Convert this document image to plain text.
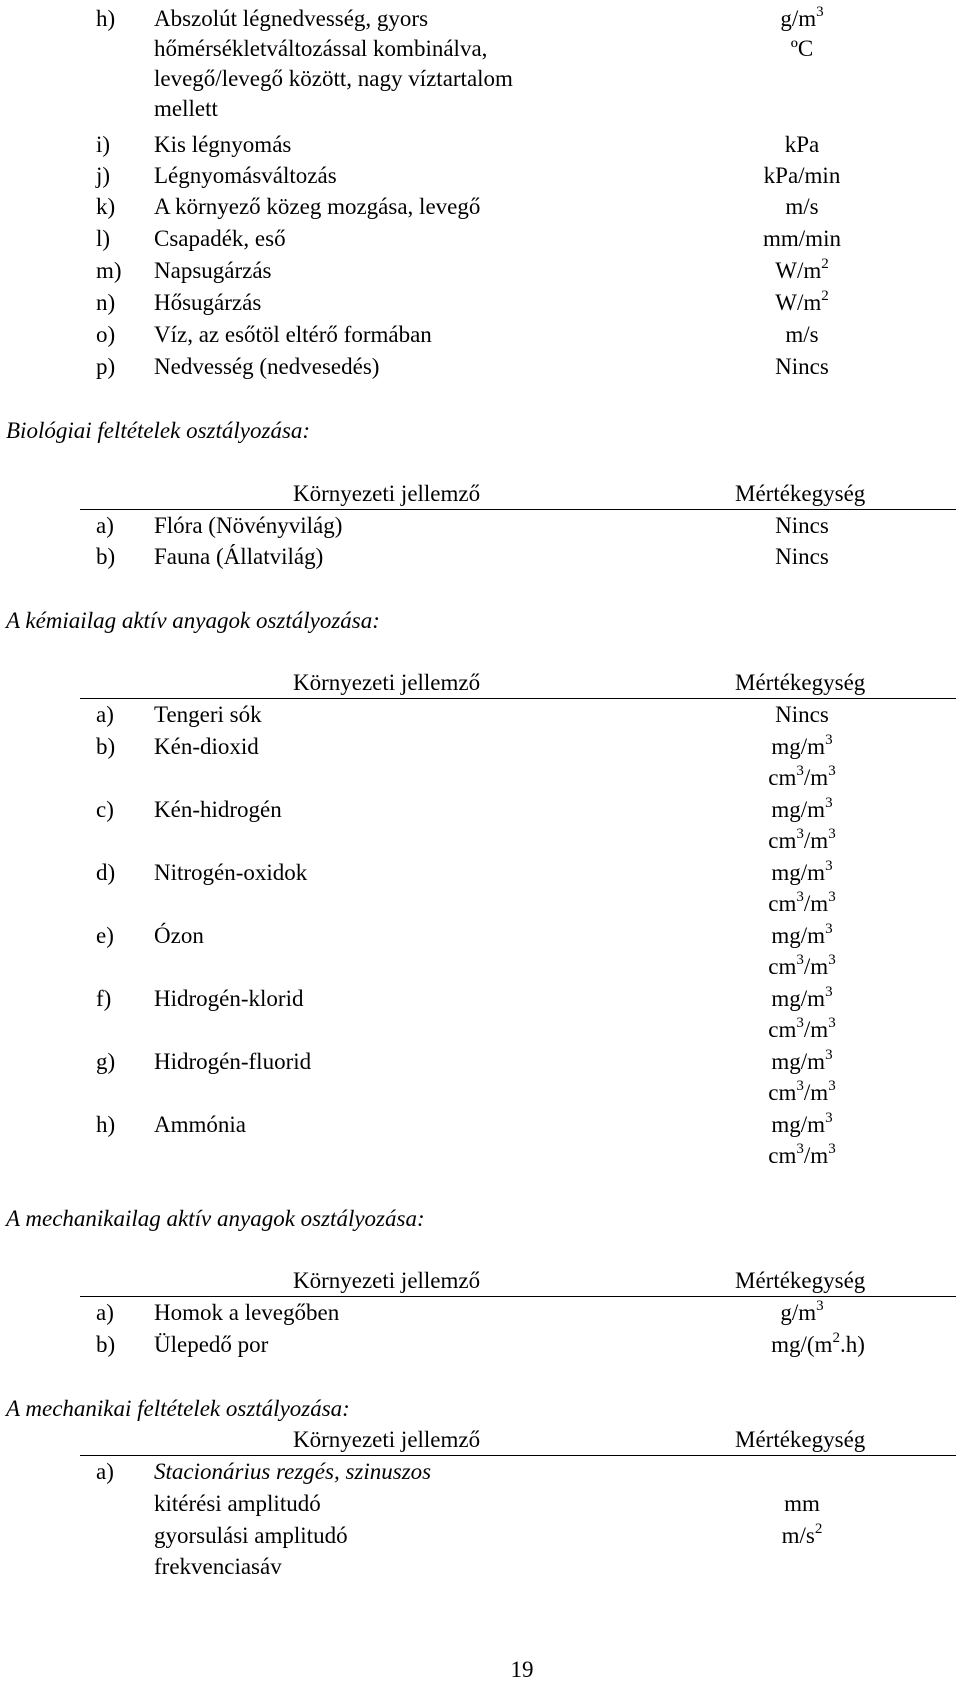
h) Abszolút légnedvesség, gyors	$g/m^3$
hőmérsékletváltozással kombinálva,	ºC
levegő/levegő között, nagy víztartalom
mellett
i) Kis légnyomás	kPa
j) Légnyomásváltozás	kPa/min
k) A környező közeg mozgása, levegő	m/s
l) Csapadék, eső	mm/min
m) Napsugárzás	$W/m^2$
n) Hősugárzás	$W/m^2$
o) Víz, az esőtöl eltérő formában	m/s
p) Nedvesség (nedvesedés)	Nincs
Biológiai feltételek osztályozása:
Környezeti jellemző	Mértékegység
a) Flóra (Növényvilág)	Nincs
b) Fauna (Állatvilág)	Nincs
A kémiailag aktív anyagok osztályozása:
Környezeti jellemző	Mértékegység
a) Tengeri sók	Nincs
b) Kén-dioxid	$mg/m^3$
$cm^3/m^3$
c) Kén-hidrogén	$mg/m^3$
$cm^3/m^3$
d) Nitrogén-oxidok	$mg/m^3$
$cm^3/m^3$
e) Ózon	$mg/m^3$
$cm^3/m^3$
f) Hidrogén-klorid	$mg/m^3$
$cm^3/m^3$
g) Hidrogén-fluorid	$mg/m^3$
$cm^3/m^3$
h) Ammónia	$mg/m^3$
$cm^3/m^3$
A mechanikailag aktív anyagok osztályozása:
Környezeti jellemző	Mértékegység
a) Homok a levegőben	$g/m^3$
b) Ülepedő por	$mg/(m^2.h)$
A mechanikai feltételek osztályozása:
Környezeti jellemző	Mértékegység
a) Stacionárius rezgés, szinuszos
kitérési amplitudó	mm
gyorsulási amplitudó	$m/s^2$
frekvenciasáv
19
